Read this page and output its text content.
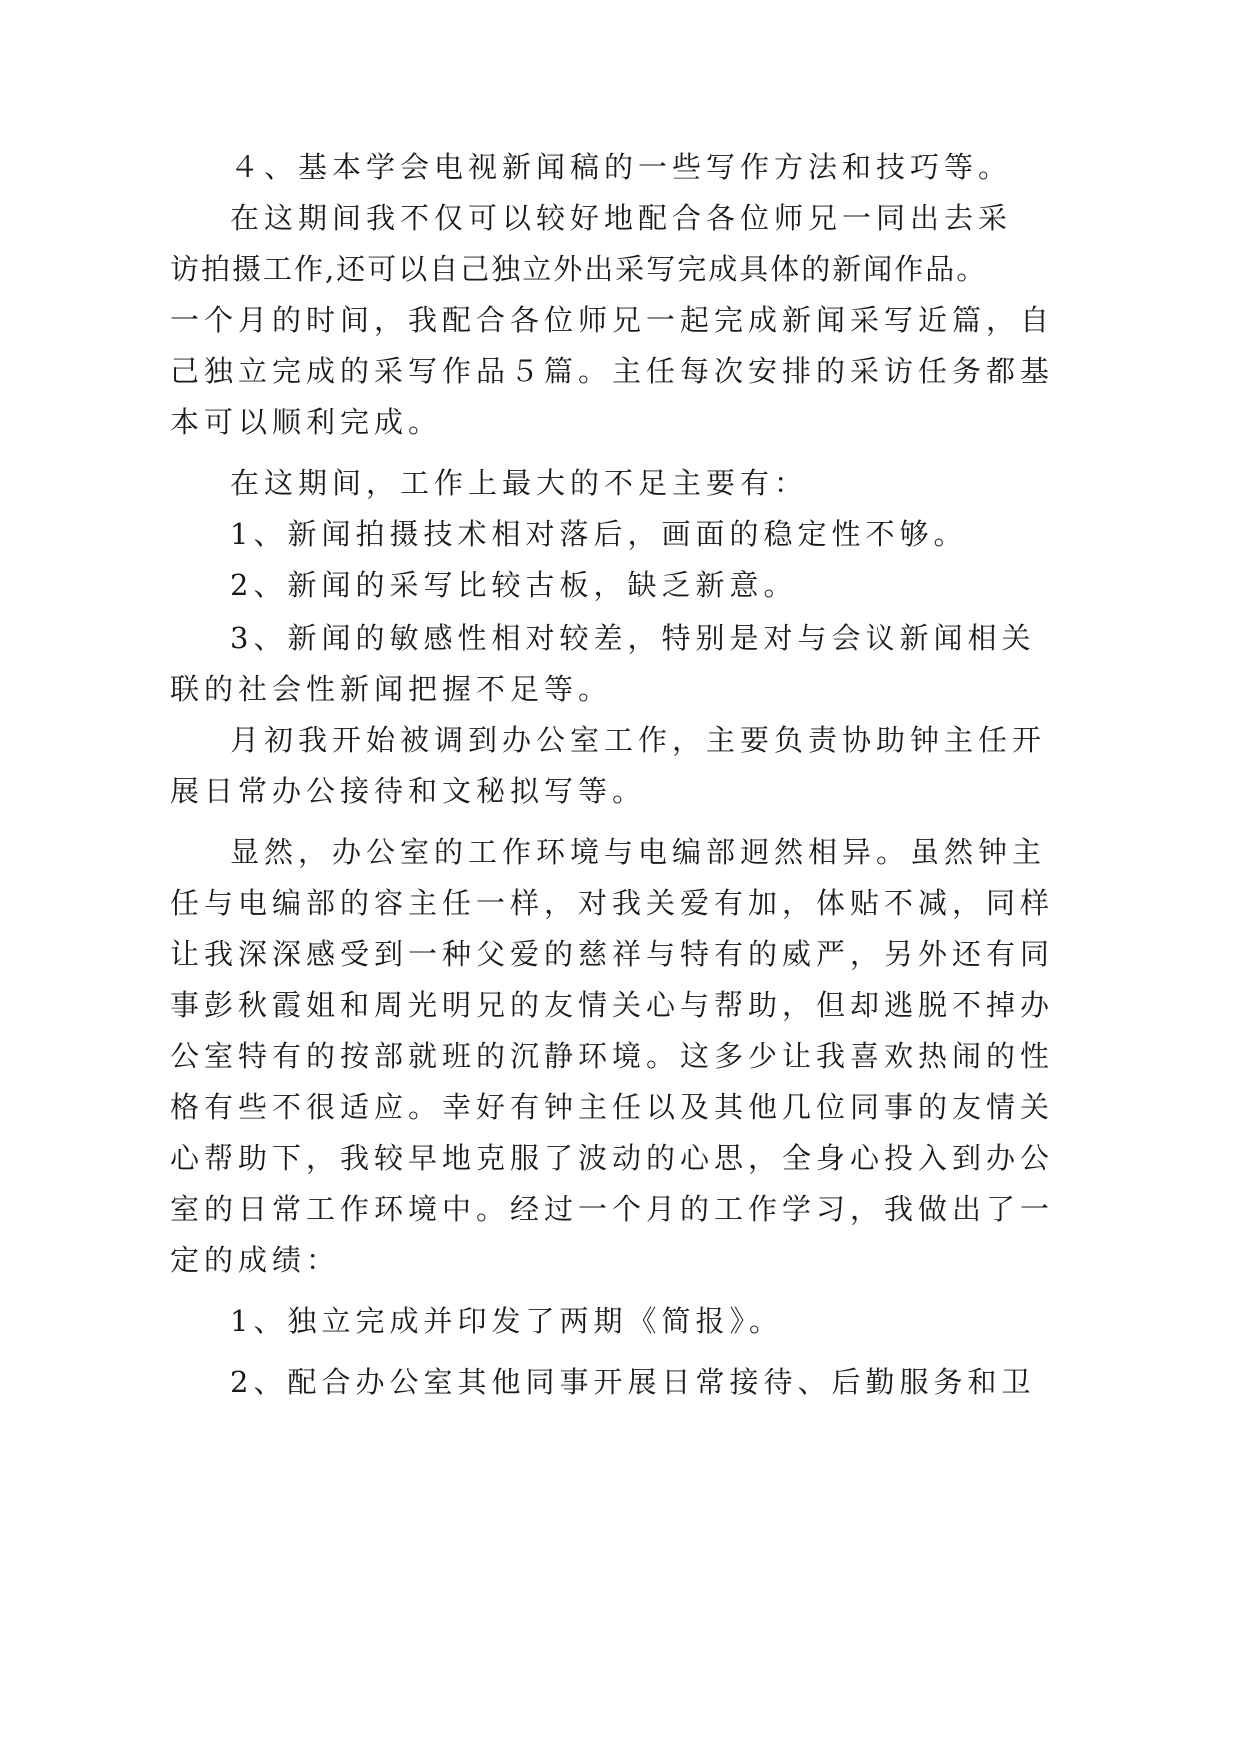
４、基本学会电视新闻稿的一些写作方法和技巧等。

在这期间我不仅可以较好地配合各位师兄一同出去采

访拍摄工作,还可以自己独立外出采写完成具体的新闻作品。

一个月的时间，我配合各位师兄一起完成新闻采写近篇，自

己独立完成的采写作品５篇。主任每次安排的采访任务都基

本可以顺利完成。

在这期间，工作上最大的不足主要有：

1、新闻拍摄技术相对落后，画面的稳定性不够。

2、新闻的采写比较古板，缺乏新意。

3、新闻的敏感性相对较差，特别是对与会议新闻相关

联的社会性新闻把握不足等。

月初我开始被调到办公室工作，主要负责协助钟主任开

展日常办公接待和文秘拟写等。

显然，办公室的工作环境与电编部迥然相异。虽然钟主

任与电编部的容主任一样，对我关爱有加，体贴不减，同样

让我深深感受到一种父爱的慈祥与特有的威严，另外还有同

事彭秋霞姐和周光明兄的友情关心与帮助，但却逃脱不掉办

公室特有的按部就班的沉静环境。这多少让我喜欢热闹的性

格有些不很适应。幸好有钟主任以及其他几位同事的友情关

心帮助下，我较早地克服了波动的心思，全身心投入到办公

室的日常工作环境中。经过一个月的工作学习，我做出了一

定的成绩：

1、独立完成并印发了两期《简报》。

2、配合办公室其他同事开展日常接待、后勤服务和卫
